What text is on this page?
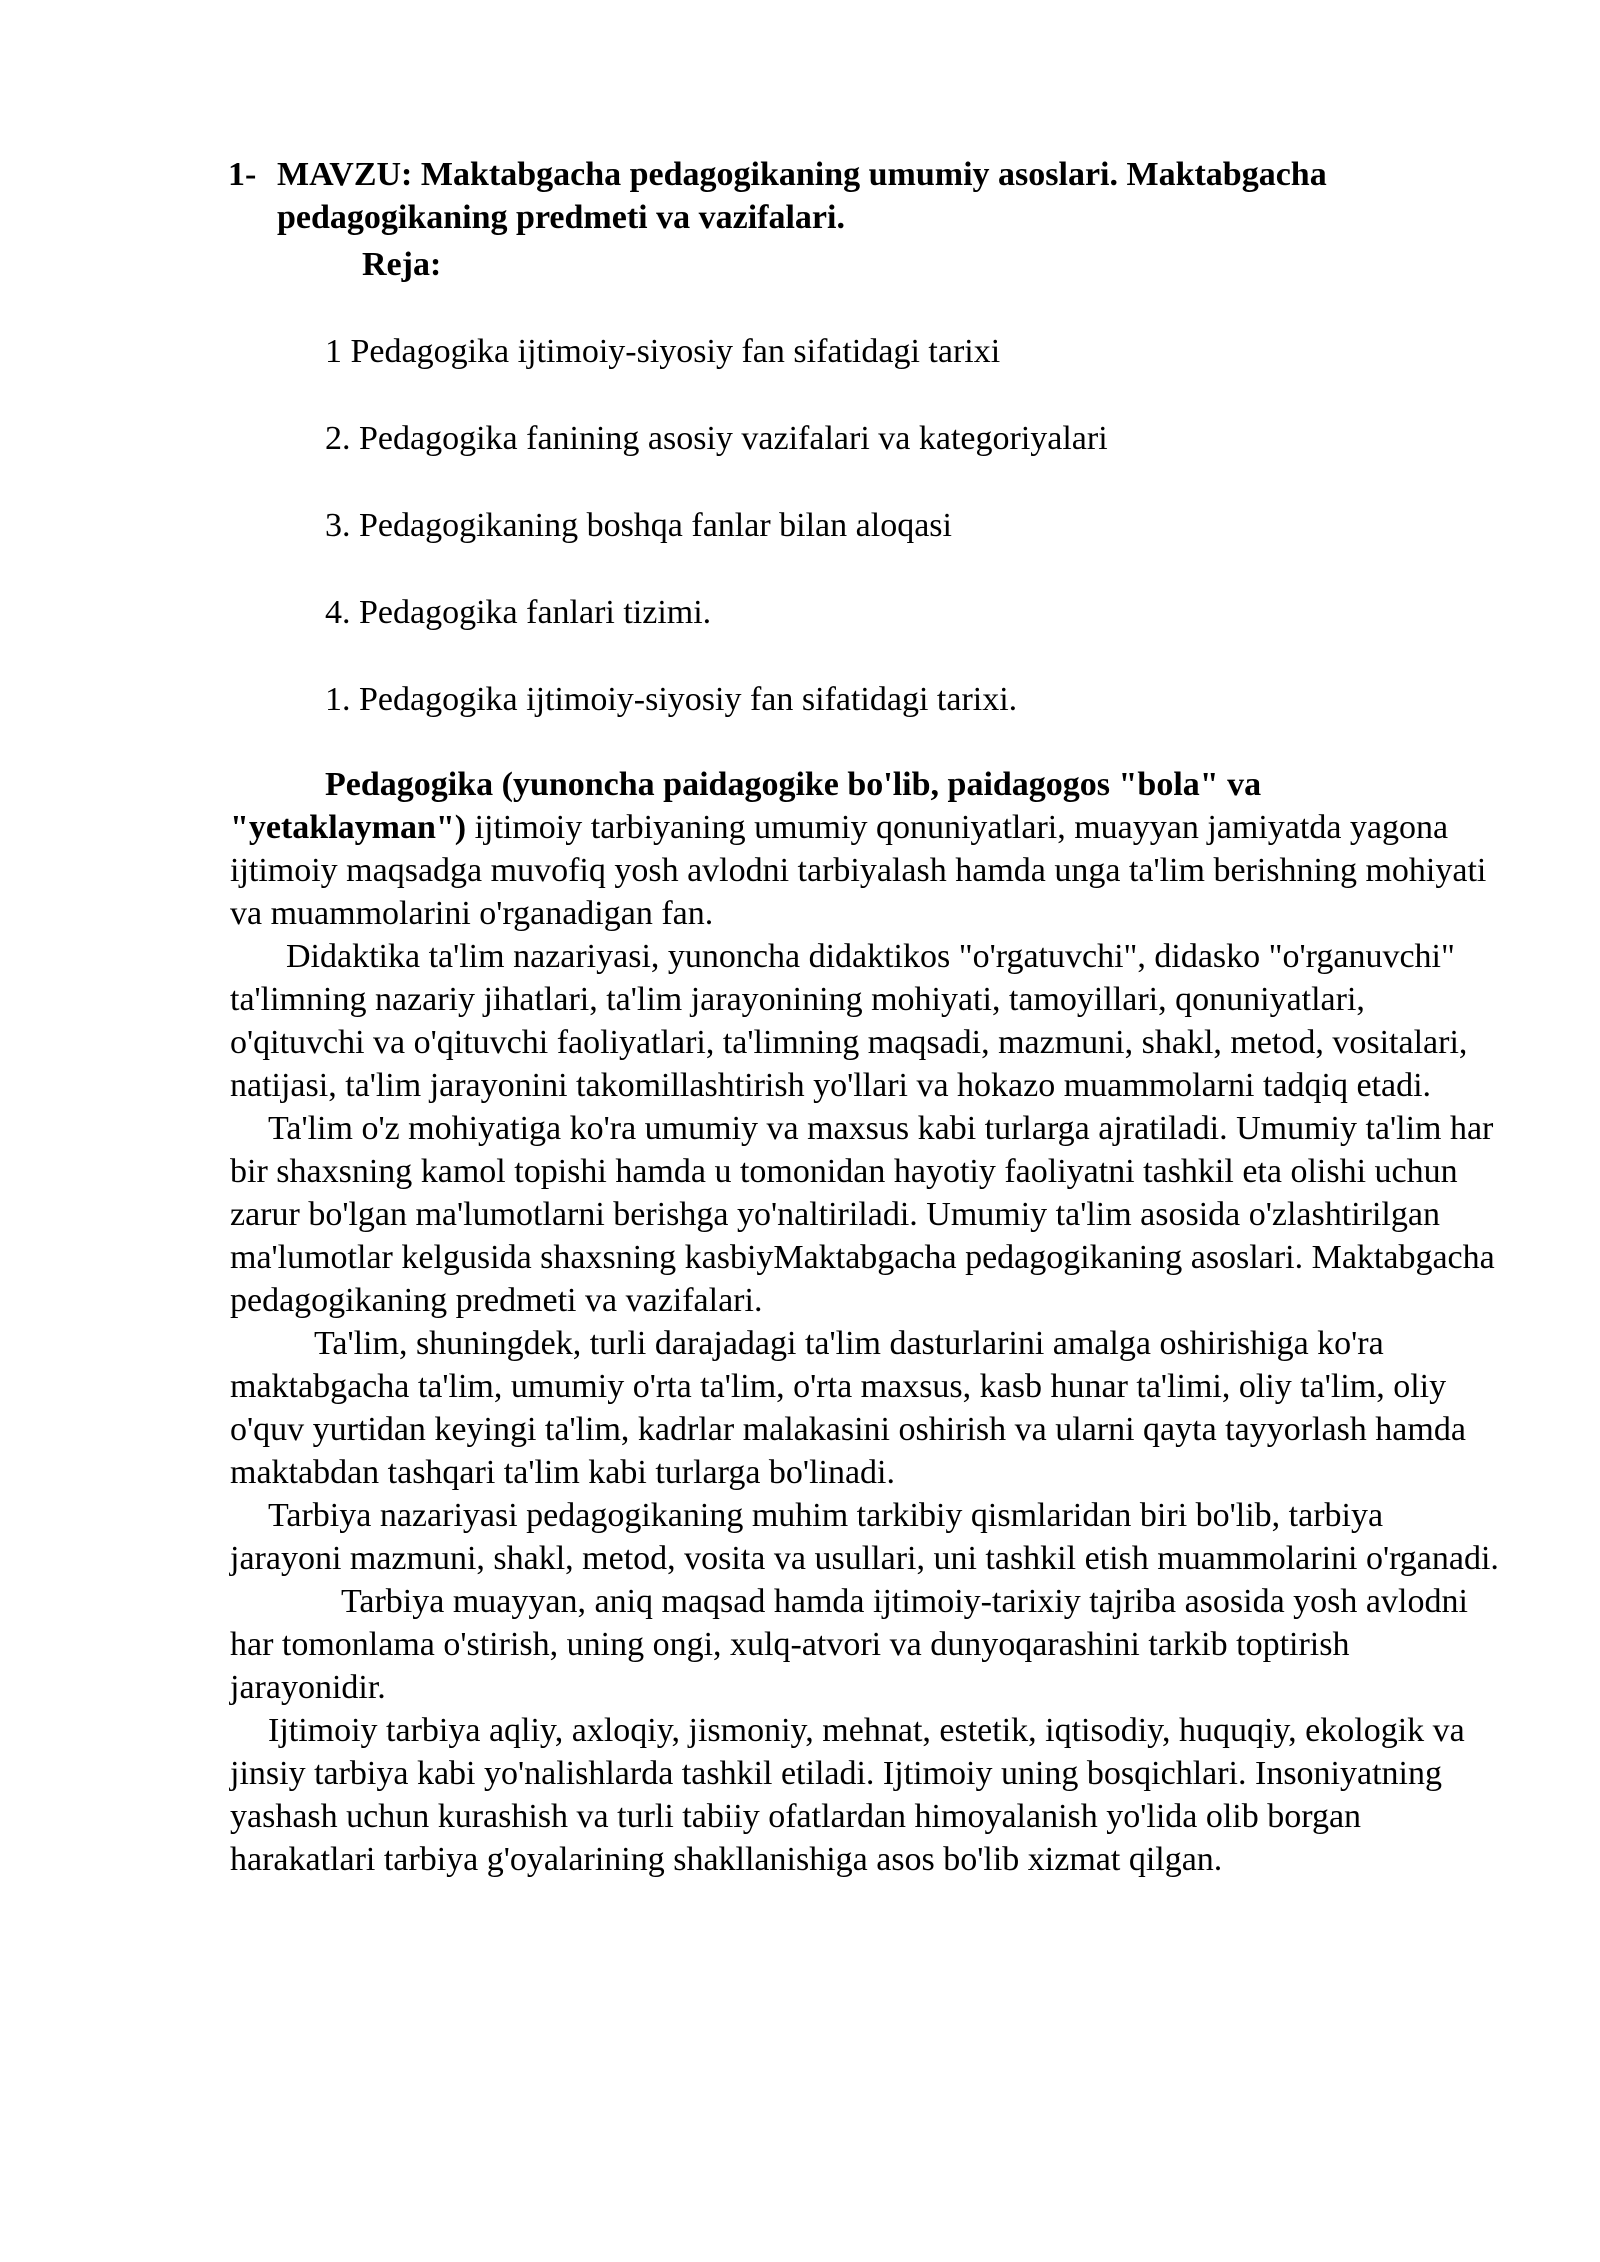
1- MAVZU: Maktabgacha pedagogikaning umumiy asoslari. Maktabgacha pedagogikaning predmeti va vazifalari.
Reja:

1 Pedagogika ijtimoiy-siyosiy fan sifatidagi tarixi

2. Pedagogika fanining asosiy vazifalari va kategoriyalari

3. Pedagogikaning boshqa fanlar bilan aloqasi

4. Pedagogika fanlari tizimi.

1. Pedagogika ijtimoiy-siyosiy fan sifatidagi tarixi.

Pedagogika (yunoncha paidagogike bo'lib, paidagogos "bola" va "yetaklayman") ijtimoiy tarbiyaning umumiy qonuniyatlari, muayyan jamiyatda yagona ijtimoiy maqsadga muvofiq yosh avlodni tarbiyalash hamda unga ta'lim berishning mohiyati va muammolarini o'rganadigan fan.

Didaktika ta'lim nazariyasi, yunoncha didaktikos "o'rgatuvchi", didasko "o'rganuvchi" ta'limning nazariy jihatlari, ta'lim jarayonining mohiyati, tamoyillari, qonuniyatlari, o'qituvchi va o'qituvchi faoliyatlari, ta'limning maqsadi, mazmuni, shakl, metod, vositalari, natijasi, ta'lim jarayonini takomillashtirish yo'llari va hokazo muammolarni tadqiq etadi.

Ta'lim o'z mohiyatiga ko'ra umumiy va maxsus kabi turlarga ajratiladi. Umumiy ta'lim har bir shaxsning kamol topishi hamda u tomonidan hayotiy faoliyatni tashkil eta olishi uchun zarur bo'lgan ma'lumotlarni berishga yo'naltiriladi. Umumiy ta'lim asosida o'zlashtirilgan ma'lumotlar kelgusida shaxsning kasbiyMaktabgacha pedagogikaning asoslari. Maktabgacha pedagogikaning predmeti va vazifalari.

Ta'lim, shuningdek, turli darajadagi ta'lim dasturlarini amalga oshirishiga ko'ra maktabgacha ta'lim, umumiy o'rta ta'lim, o'rta maxsus, kasb hunar ta'limi, oliy ta'lim, oliy o'quv yurtidan keyingi ta'lim, kadrlar malakasini oshirish va ularni qayta tayyorlash hamda maktabdan tashqari ta'lim kabi turlarga bo'linadi.

Tarbiya nazariyasi pedagogikaning muhim tarkibiy qismlaridan biri bo'lib, tarbiya jarayoni mazmuni, shakl, metod, vosita va usullari, uni tashkil etish muammolarini o'rganadi.

Tarbiya muayyan, aniq maqsad hamda ijtimoiy-tarixiy tajriba asosida yosh avlodni har tomonlama o'stirish, uning ongi, xulq-atvori va dunyoqarashini tarkib toptirish jarayonidir.

Ijtimoiy tarbiya aqliy, axloqiy, jismoniy, mehnat, estetik, iqtisodiy, huquqiy, ekologik va jinsiy tarbiya kabi yo'nalishlarda tashkil etiladi. Ijtimoiy uning bosqichlari. Insoniyatning yashash uchun kurashish va turli tabiiy ofatlardan himoyalanish yo'lida olib borgan harakatlari tarbiya g'oyalarining shakllanishiga asos bo'lib xizmat qilgan.
